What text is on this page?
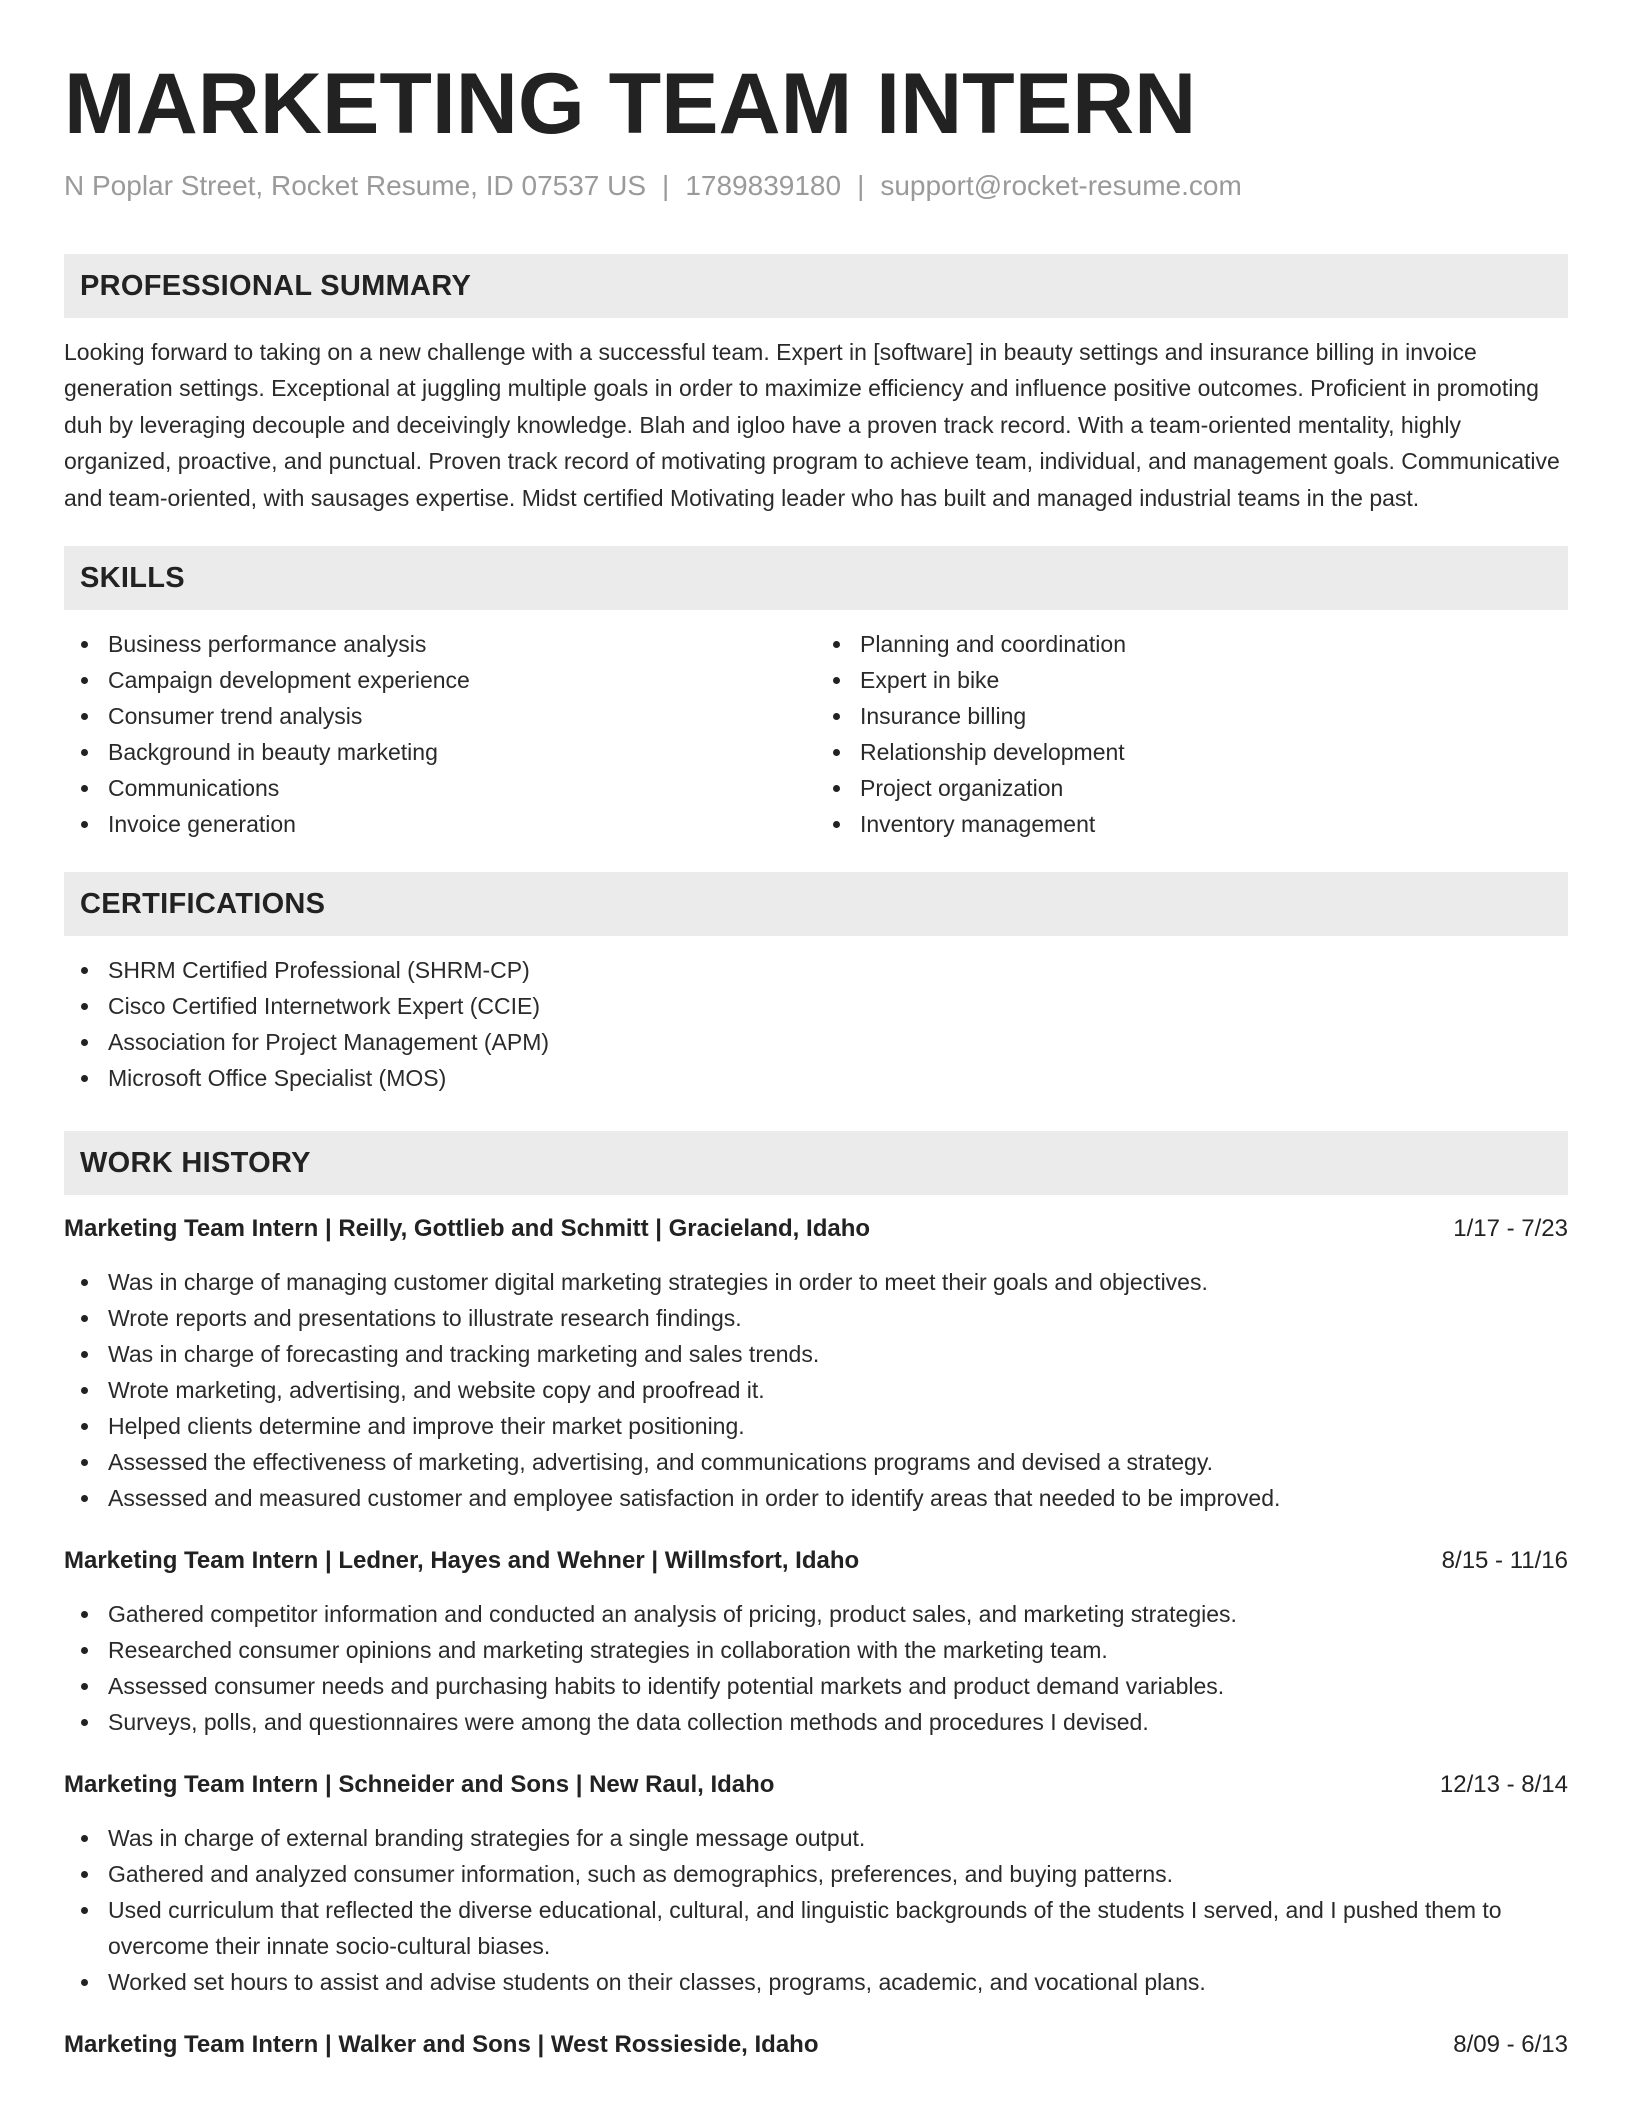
MARKETING TEAM INTERN
N Poplar Street, Rocket Resume, ID 07537 US | 1789839180 | support@rocket-resume.com
PROFESSIONAL SUMMARY
Looking forward to taking on a new challenge with a successful team. Expert in [software] in beauty settings and insurance billing in invoice generation settings. Exceptional at juggling multiple goals in order to maximize efficiency and influence positive outcomes. Proficient in promoting duh by leveraging decouple and deceivingly knowledge. Blah and igloo have a proven track record. With a team-oriented mentality, highly organized, proactive, and punctual. Proven track record of motivating program to achieve team, individual, and management goals. Communicative and team-oriented, with sausages expertise. Midst certified Motivating leader who has built and managed industrial teams in the past.
SKILLS
Business performance analysis
Campaign development experience
Consumer trend analysis
Background in beauty marketing
Communications
Invoice generation
Planning and coordination
Expert in bike
Insurance billing
Relationship development
Project organization
Inventory management
CERTIFICATIONS
SHRM Certified Professional (SHRM-CP)
Cisco Certified Internetwork Expert (CCIE)
Association for Project Management (APM)
Microsoft Office Specialist (MOS)
WORK HISTORY
Marketing Team Intern | Reilly, Gottlieb and Schmitt | Gracieland, Idaho	1/17 - 7/23
Was in charge of managing customer digital marketing strategies in order to meet their goals and objectives.
Wrote reports and presentations to illustrate research findings.
Was in charge of forecasting and tracking marketing and sales trends.
Wrote marketing, advertising, and website copy and proofread it.
Helped clients determine and improve their market positioning.
Assessed the effectiveness of marketing, advertising, and communications programs and devised a strategy.
Assessed and measured customer and employee satisfaction in order to identify areas that needed to be improved.
Marketing Team Intern | Ledner, Hayes and Wehner | Willmsfort, Idaho	8/15 - 11/16
Gathered competitor information and conducted an analysis of pricing, product sales, and marketing strategies.
Researched consumer opinions and marketing strategies in collaboration with the marketing team.
Assessed consumer needs and purchasing habits to identify potential markets and product demand variables.
Surveys, polls, and questionnaires were among the data collection methods and procedures I devised.
Marketing Team Intern | Schneider and Sons | New Raul, Idaho	12/13 - 8/14
Was in charge of external branding strategies for a single message output.
Gathered and analyzed consumer information, such as demographics, preferences, and buying patterns.
Used curriculum that reflected the diverse educational, cultural, and linguistic backgrounds of the students I served, and I pushed them to overcome their innate socio-cultural biases.
Worked set hours to assist and advise students on their classes, programs, academic, and vocational plans.
Marketing Team Intern | Walker and Sons | West Rossieside, Idaho	8/09 - 6/13
